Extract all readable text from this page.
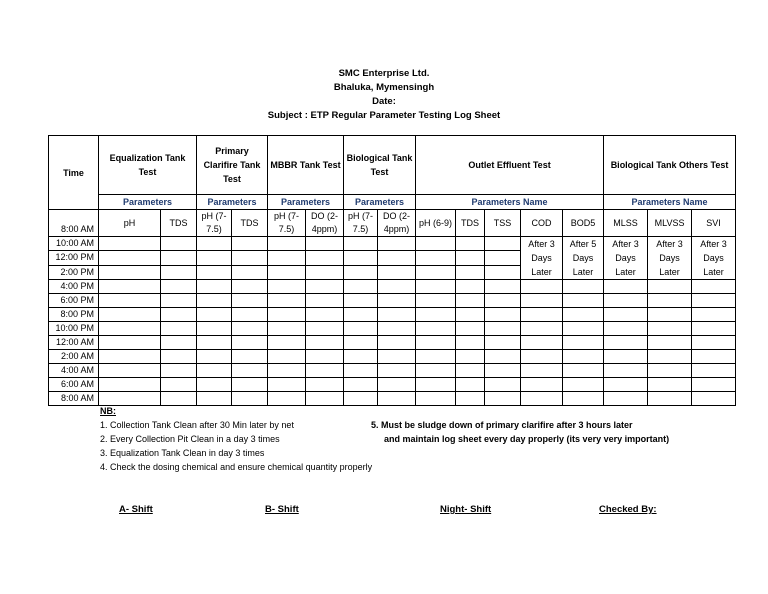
SMC Enterprise Ltd.
Bhaluka, Mymensingh
Date:
Subject : ETP Regular Parameter Testing Log Sheet
Time	Equalization Tank Test		Primary Clarifire Tank Test		MBBR Tank Test		Biological Tank Test		Outlet Effluent Test					Biological Tank Others Test		
	Parameters		Parameters		Parameters		Parameters		Parameters Name					Parameters Name		
8:00 AM	pH	TDS	pH (7- 7.5)	TDS	pH (7- 7.5)	DO (2- 4ppm)	pH (7- 7.5)	DO (2- 4ppm)	pH (6-9)	TDS	TSS	COD	BOD5	MLSS	MLVSS	SVI
10:00 AM												After 3 Days Later	After 5 Days Later	After 3 Days Later	After 3 Days Later	After 3 Days Later
12:00 PM																
2:00 PM																
4:00 PM																
6:00 PM																
8:00 PM																
10:00 PM																
12:00 AM																
2:00 AM																
4:00 AM																
6:00 AM																
8:00 AM																
NB:
1. Collection Tank Clean after 30 Min later by net
2. Every Collection Pit Clean in a day 3 times
3. Equalization Tank Clean in day 3 times
4. Check the dosing chemical and ensure chemical quantity properly
5. Must be sludge down of primary clarifire after 3 hours later
and maintain log sheet every day properly (its very very important)
A- Shift	B- Shift	Night- Shift	Checked By:
